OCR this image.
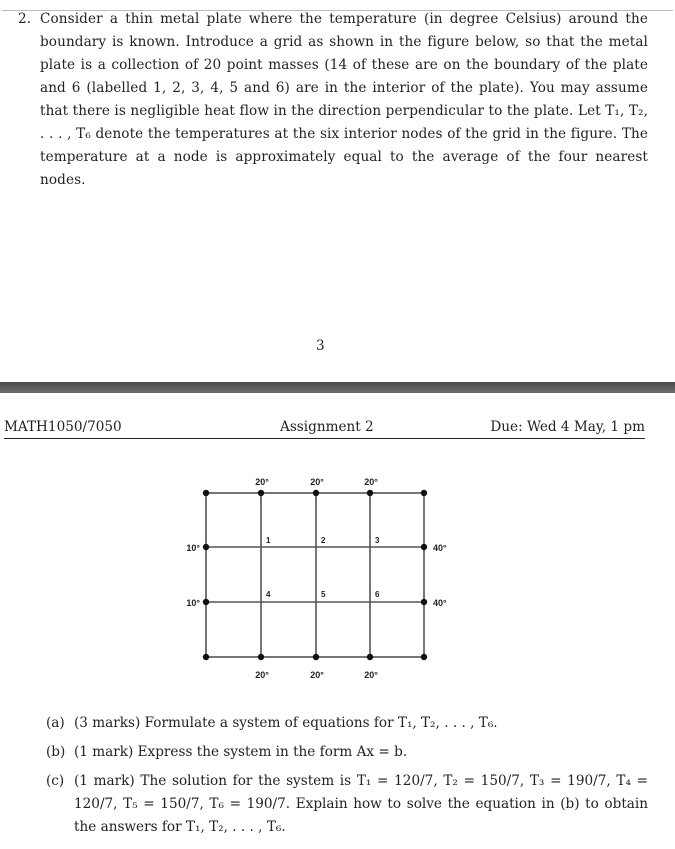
2. Consider a thin metal plate where the temperature (in degree Celsius) around the boundary is known. Introduce a grid as shown in the figure below, so that the metal plate is a collection of 20 point masses (14 of these are on the boundary of the plate and 6 (labelled 1, 2, 3, 4, 5 and 6) are in the interior of the plate). You may assume that there is negligible heat flow in the direction perpendicular to the plate. Let T₁, T₂, . . . , T₆ denote the temperatures at the six interior nodes of the grid in the figure. The temperature at a node is approximately equal to the average of the four nearest nodes.
3
MATH1050/7050	Assignment 2	Due: Wed 4 May, 1 pm
20°	20°	20°
20°	20°	20°
10°
10°
40°
40°
1	2	3
4	5	6
(a) (3 marks) Formulate a system of equations for T₁, T₂, . . . , T₆.
(b) (1 mark) Express the system in the form Ax = b.
(c) (1 mark) The solution for the system is T₁ = 120/7, T₂ = 150/7, T₃ = 190/7, T₄ = 120/7, T₅ = 150/7, T₆ = 190/7. Explain how to solve the equation in (b) to obtain the answers for T₁, T₂, . . . , T₆.
